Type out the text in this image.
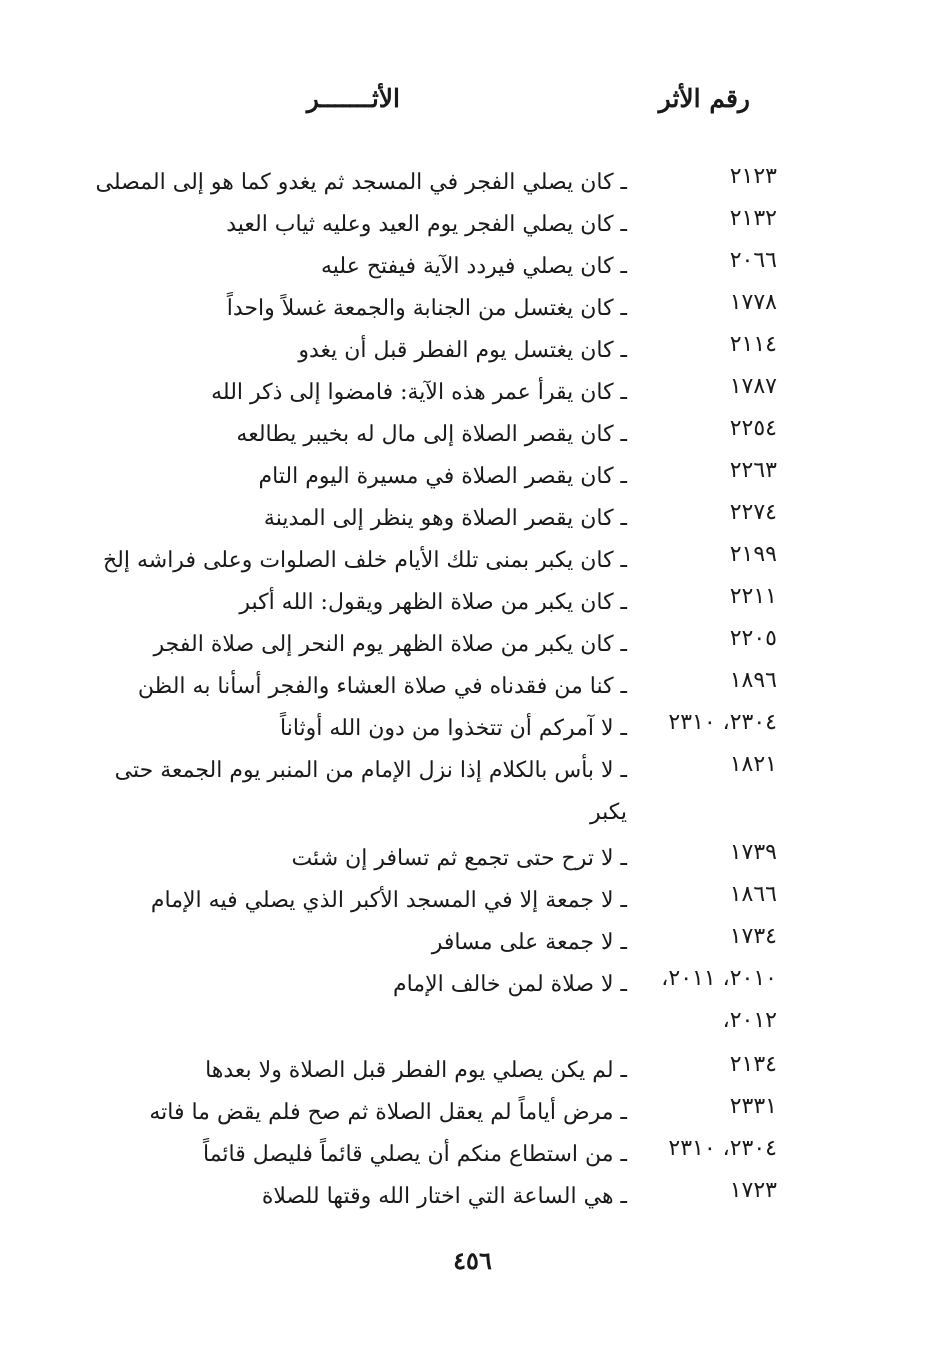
رقم الأثر
الأثـــــــر
٢١٢٣
ـ كان يصلي الفجر في المسجد ثم يغدو كما هو إلى المصلى
٢١٣٢
ـ كان يصلي الفجر يوم العيد وعليه ثياب العيد
٢٠٦٦
ـ كان يصلي فيردد الآية فيفتح عليه
١٧٧٨
ـ كان يغتسل من الجنابة والجمعة غسلاً واحداً
٢١١٤
ـ كان يغتسل يوم الفطر قبل أن يغدو
١٧٨٧
ـ كان يقرأ عمر هذه الآية: فامضوا إلى ذكر الله
٢٢٥٤
ـ كان يقصر الصلاة إلى مال له بخيبر يطالعه
٢٢٦٣
ـ كان يقصر الصلاة في مسيرة اليوم التام
٢٢٧٤
ـ كان يقصر الصلاة وهو ينظر إلى المدينة
٢١٩٩
ـ كان يكبر بمنى تلك الأيام خلف الصلوات وعلى فراشه إلخ
٢٢١١
ـ كان يكبر من صلاة الظهر ويقول: الله أكبر
٢٢٠٥
ـ كان يكبر من صلاة الظهر يوم النحر إلى صلاة الفجر
١٨٩٦
ـ كنا من فقدناه في صلاة العشاء والفجر أسأنا به الظن
٢٣٠٤، ٢٣١٠
ـ لا آمركم أن تتخذوا من دون الله أوثاناً
١٨٢١
ـ لا بأس بالكلام إذا نزل الإمام من المنبر يوم الجمعة حتى يكبر
١٧٣٩
ـ لا ترح حتى تجمع ثم تسافر إن شئت
١٨٦٦
ـ لا جمعة إلا في المسجد الأكبر الذي يصلي فيه الإمام
١٧٣٤
ـ لا جمعة على مسافر
٢٠١٠، ٢٠١١،
ـ لا صلاة لمن خالف الإمام
٢٠١٢،
٢١٣٤
ـ لم يكن يصلي يوم الفطر قبل الصلاة ولا بعدها
٢٣٣١
ـ مرض أياماً لم يعقل الصلاة ثم صح فلم يقض ما فاته
٢٣٠٤، ٢٣١٠
ـ من استطاع منكم أن يصلي قائماً فليصل قائماً
١٧٢٣
ـ هي الساعة التي اختار الله وقتها للصلاة
٤٥٦
